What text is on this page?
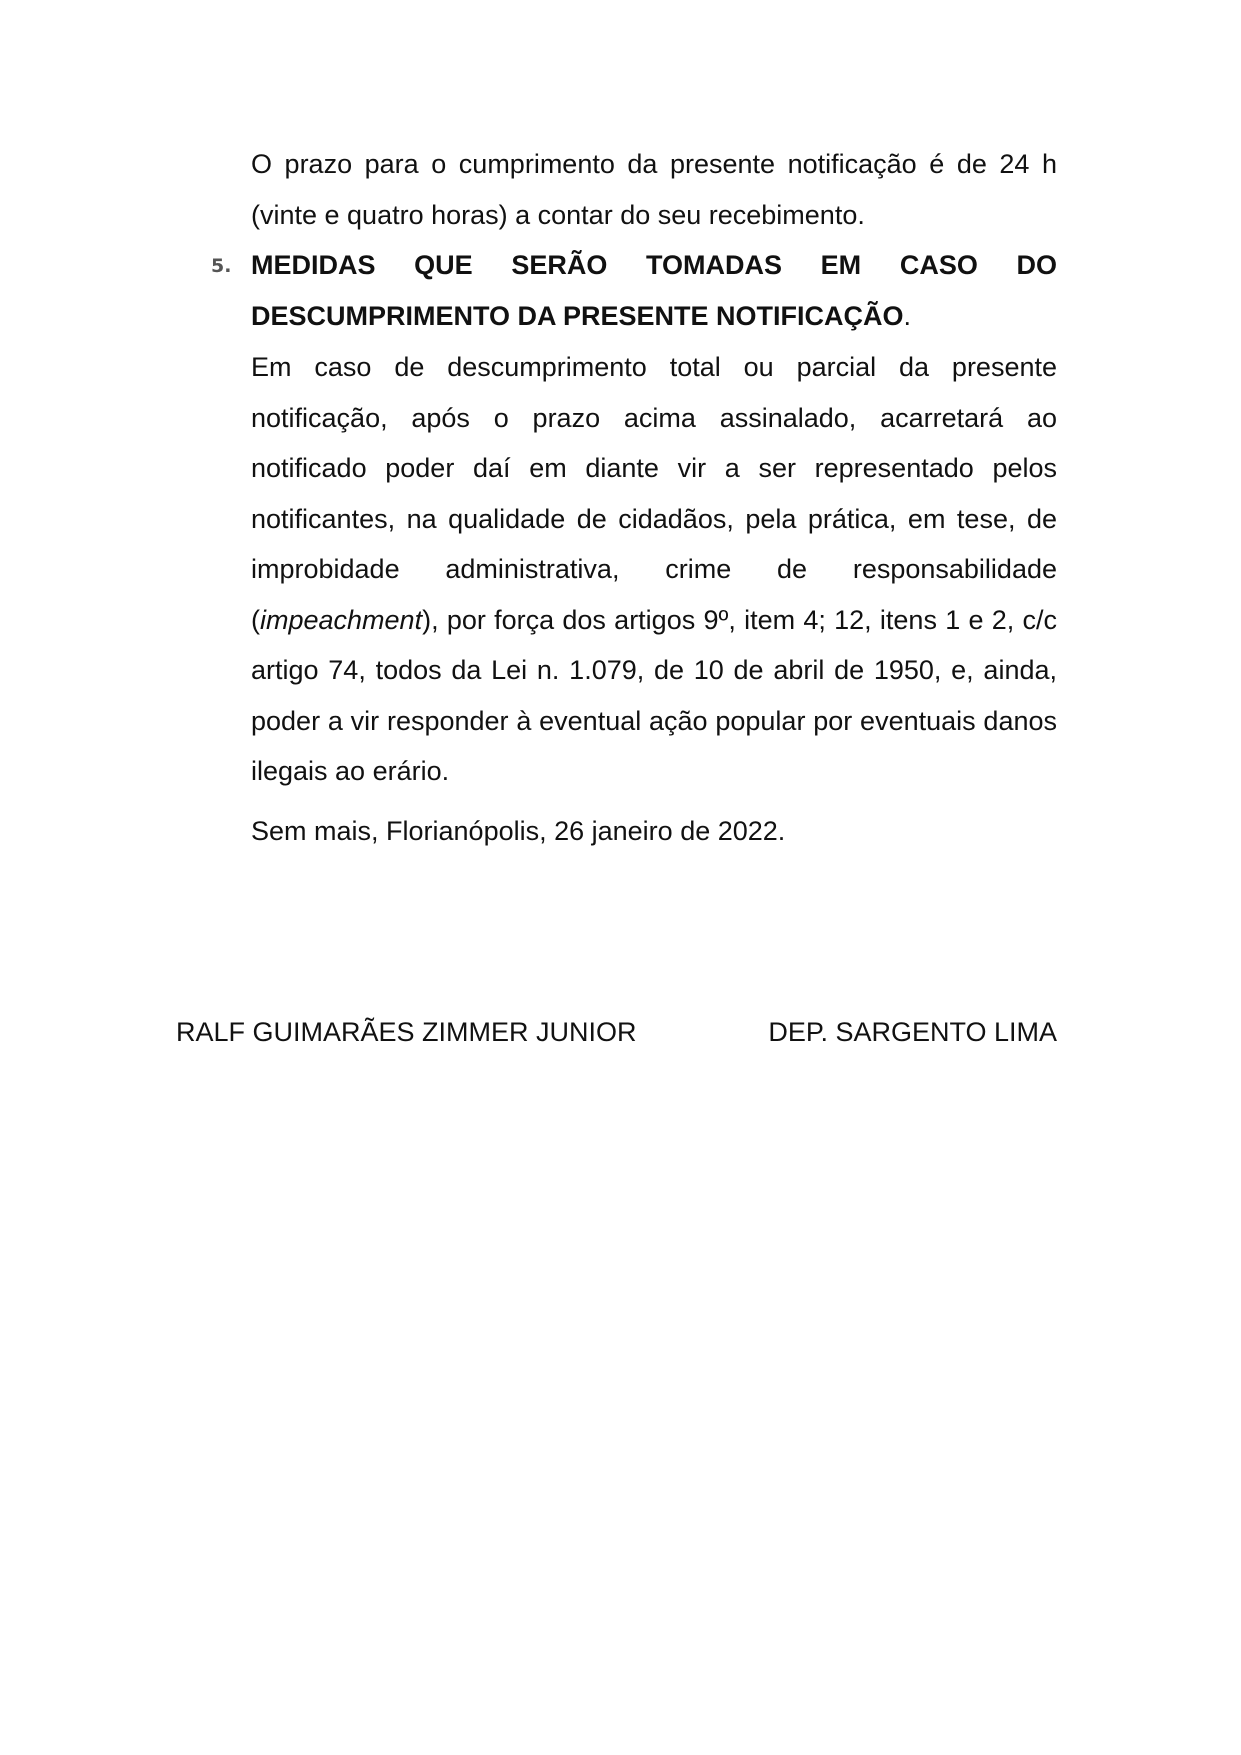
O prazo para o cumprimento da presente notificação é de 24 h (vinte e quatro horas) a contar do seu recebimento.

5. MEDIDAS QUE SERÃO TOMADAS EM CASO DO DESCUMPRIMENTO DA PRESENTE NOTIFICAÇÃO.

Em caso de descumprimento total ou parcial da presente notificação, após o prazo acima assinalado, acarretará ao notificado poder daí em diante vir a ser representado pelos notificantes, na qualidade de cidadãos, pela prática, em tese, de improbidade administrativa, crime de responsabilidade (impeachment), por força dos artigos 9º, item 4; 12, itens 1 e 2, c/c artigo 74, todos da Lei n. 1.079, de 10 de abril de 1950, e, ainda, poder a vir responder à eventual ação popular por eventuais danos ilegais ao erário.

Sem mais, Florianópolis, 26 janeiro de 2022.

RALF GUIMARÃES ZIMMER JUNIOR	DEP. SARGENTO LIMA
